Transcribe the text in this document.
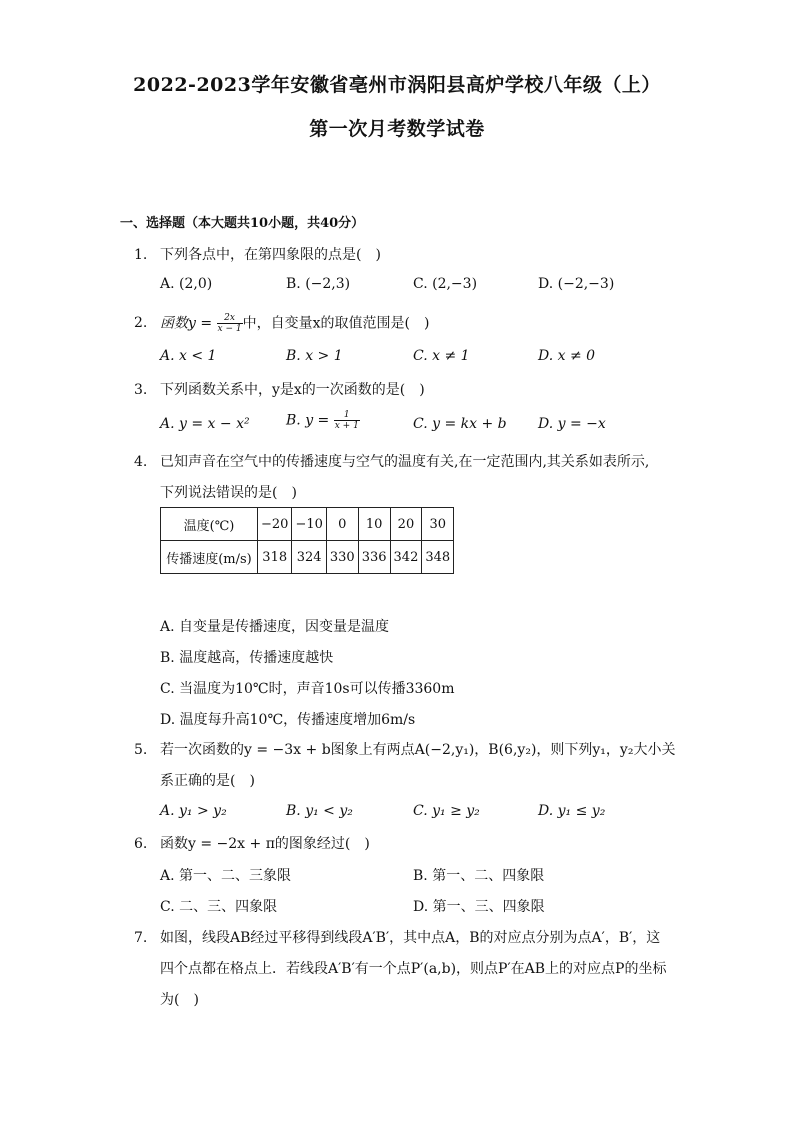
2022-2023学年安徽省亳州市涡阳县高炉学校八年级（上）
第一次月考数学试卷
一、选择题（本大题共10小题，共40分）
1. 下列各点中，在第四象限的点是(　)
A. (2,0)	B. (−2,3)	C. (2,−3)	D. (−2,−3)
2. 函数$y = \frac{2x}{x - 1}$ 中，自变量x的取值范围是(　)
A. x < 1	B. x > 1	C. x ≠ 1	D. x ≠ 0
3. 下列函数关系中，y是x的一次函数的是(　)
A. y = x − x²	B. $y = \frac{1}{x + 1}$	C. y = kx + b D. y = −x
4. 已知声音在空气中的传播速度与空气的温度有关,在一定范围内,其关系如表所示,
下列说法错误的是(　)
温度(℃)	−20	−10	0	10	20	30
传播速度(m/s)	318	324	330	336	342	348
A. 自变量是传播速度，因变量是温度
B. 温度越高，传播速度越快
C. 当温度为10℃时，声音10s可以传播3360m
D. 温度每升高10℃，传播速度增加6m/s
5. 若一次函数的y = −3x + b图象上有两点A(−2,y₁)，B(6,y₂)，则下列y₁，y₂大小关
系正确的是(　)
A. y₁ > y₂	B. y₁ < y₂	C. y₁ ≥ y₂	D. y₁ ≤ y₂
6. 函数y = −2x + π的图象经过(　)
A. 第一、二、三象限	B. 第一、二、四象限
C. 二、三、四象限	D. 第一、三、四象限
7. 如图，线段AB经过平移得到线段A′B′，其中点A，B的对应点分别为点A′，B′，这
四个点都在格点上．若线段A′B′有一个点P′(a,b)，则点P′在AB上的对应点P的坐标
为(　)
